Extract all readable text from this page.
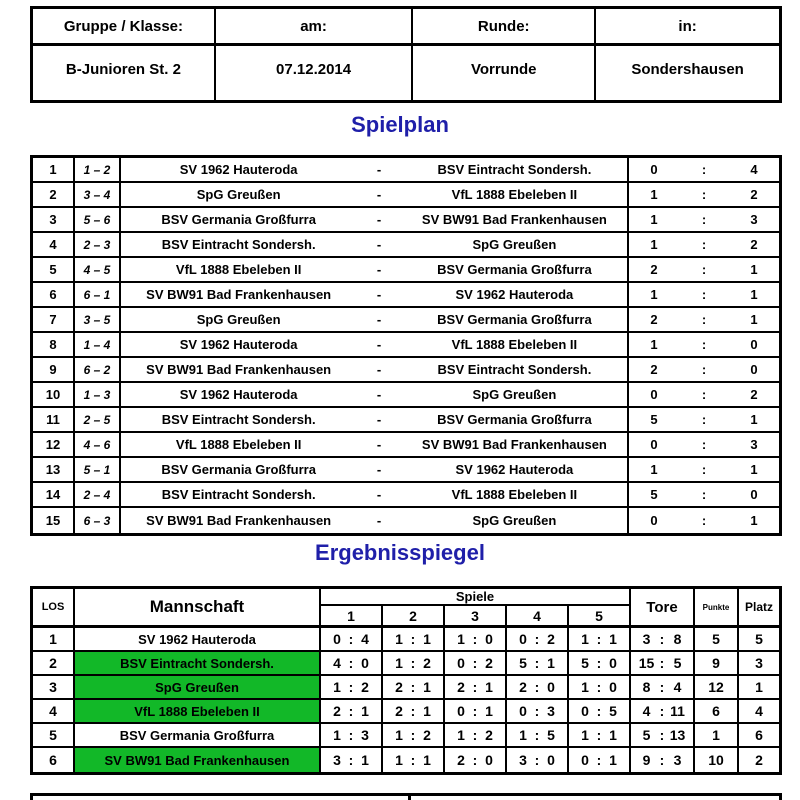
Gruppe / Klasse:	am:	Runde:	in:
B-Junioren St. 2	07.12.2014	Vorrunde	Sondershausen
Spielplan
1	1 – 2	SV 1962 Hauteroda	-	BSV Eintracht Sondersh.	0	:	4
2	3 – 4	SpG Greußen	-	VfL 1888 Ebeleben II	1	:	2
3	5 – 6	BSV Germania Großfurra	-	SV BW91 Bad Frankenhausen	1	:	3
4	2 – 3	BSV Eintracht Sondersh.	-	SpG Greußen	1	:	2
5	4 – 5	VfL 1888 Ebeleben II	-	BSV Germania Großfurra	2	:	1
6	6 – 1	SV BW91 Bad Frankenhausen	-	SV 1962 Hauteroda	1	:	1
7	3 – 5	SpG Greußen	-	BSV Germania Großfurra	2	:	1
8	1 – 4	SV 1962 Hauteroda	-	VfL 1888 Ebeleben II	1	:	0
9	6 – 2	SV BW91 Bad Frankenhausen	-	BSV Eintracht Sondersh.	2	:	0
10	1 – 3	SV 1962 Hauteroda	-	SpG Greußen	0	:	2
11	2 – 5	BSV Eintracht Sondersh.	-	BSV Germania Großfurra	5	:	1
12	4 – 6	VfL 1888 Ebeleben II	-	SV BW91 Bad Frankenhausen	0	:	3
13	5 – 1	BSV Germania Großfurra	-	SV 1962 Hauteroda	1	:	1
14	2 – 4	BSV Eintracht Sondersh.	-	VfL 1888 Ebeleben II	5	:	0
15	6 – 3	SV BW91 Bad Frankenhausen	-	SpG Greußen	0	:	1
Ergebnisspiegel
LOS	Mannschaft
Spiele
1	2	3	4	5	Tore	Punkte	Platz
1	SV 1962 Hauteroda	0 : 4	1 : 1	1 : 0	0 : 2	1 : 1	3 : 8	5	5
2	BSV Eintracht Sondersh.	4 : 0	1 : 2	0 : 2	5 : 1	5 : 0	15 : 5	9	3
3	SpG Greußen	1 : 2	2 : 1	2 : 1	2 : 0	1 : 0	8 : 4	12	1
4	VfL 1888 Ebeleben II	2 : 1	2 : 1	0 : 1	0 : 3	0 : 5	4 : 11	6	4
5	BSV Germania Großfurra	1 : 3	1 : 2	1 : 2	1 : 5	1 : 1	5 : 13	1	6
6	SV BW91 Bad Frankenhausen	3 : 1	1 : 1	2 : 0	3 : 0	0 : 1	9 : 3	10	2
